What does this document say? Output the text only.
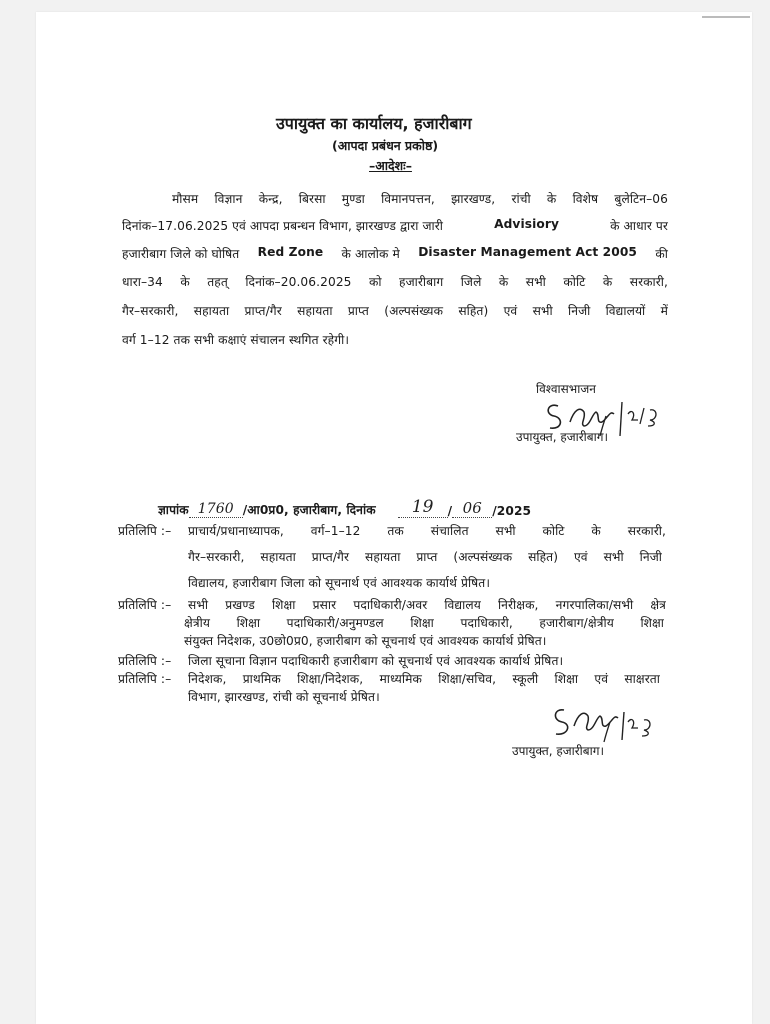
उपायुक्त का कार्यालय, हजारीबाग
(आपदा प्रबंधन प्रकोष्ठ)
–आदेशः–
मौसम विज्ञान केन्द्र, बिरसा मुण्डा विमानपत्तन, झारखण्ड, रांची के विशेष बुलेटिन–06
दिनांक–17.06.2025 एवं आपदा प्रबन्धन विभाग, झारखण्ड द्वारा जारी	Advisiory	के आधार पर
हजारीबाग जिले को घोषित Red Zone के आलोक मे Disaster Management Act 2005 की
धारा–34 के तहत् दिनांक–20.06.2025 को हजारीबाग जिले के सभी कोटि के सरकारी,
गैर–सरकारी, सहायता प्राप्त/गैर सहायता प्राप्त (अल्पसंख्यक सहित) एवं सभी निजी विद्यालयों में
वर्ग 1–12 तक सभी कक्षाएं संचालन स्थगित रहेगी।
विश्वासभाजन
उपायुक्त, हजारीबाग।
ज्ञापांक 1760 /आ0प्र0, हजारीबाग, दिनांक	19	/ 06 /2025
प्रतिलिपि :– प्राचार्य/प्रधानाध्यापक, वर्ग–1–12 तक संचालित सभी कोटि के सरकारी,
गैर–सरकारी, सहायता प्राप्त/गैर सहायता प्राप्त (अल्पसंख्यक सहित) एवं सभी निजी
विद्यालय, हजारीबाग जिला को सूचनार्थ एवं आवश्यक कार्यार्थ प्रेषित।
प्रतिलिपि :– सभी प्रखण्ड शिक्षा प्रसार पदाधिकारी/अवर विद्यालय निरीक्षक, नगरपालिका/सभी क्षेत्र
क्षेत्रीय शिक्षा पदाधिकारी/अनुमण्डल शिक्षा पदाधिकारी, हजारीबाग/क्षेत्रीय शिक्षा
संयुक्त निदेशक, उ0छो0प्र0, हजारीबाग को सूचनार्थ एवं आवश्यक कार्यार्थ प्रेषित।
प्रतिलिपि :– जिला सूचाना विज्ञान पदाधिकारी हजारीबाग को सूचनार्थ एवं आवश्यक कार्यार्थ प्रेषित।
प्रतिलिपि :– निदेशक, प्राथमिक शिक्षा/निदेशक, माध्यमिक शिक्षा/सचिव, स्कूली शिक्षा एवं साक्षरता
विभाग, झारखण्ड, रांची को सूचनार्थ प्रेषित।
उपायुक्त, हजारीबाग।
